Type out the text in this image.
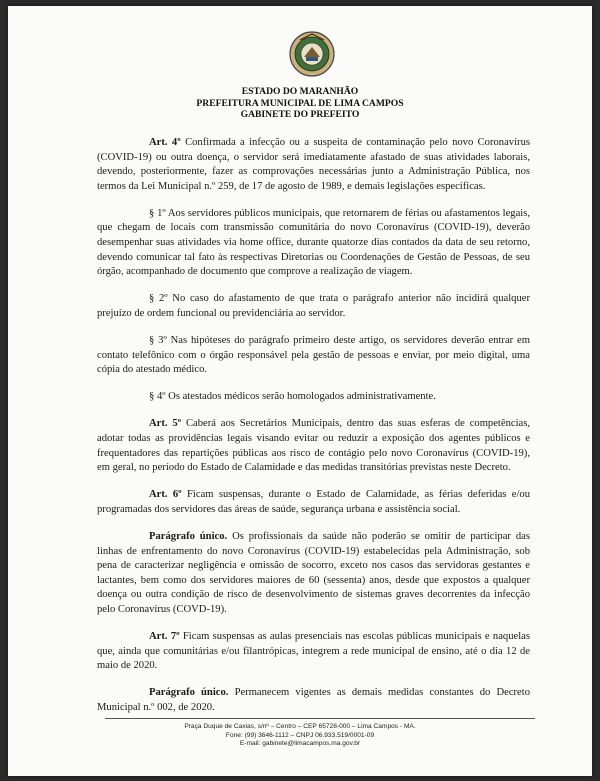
ESTADO DO MARANHÃO
PREFEITURA MUNICIPAL DE LIMA CAMPOS
GABINETE DO PREFEITO

Art. 4º Confirmada a infecção ou a suspeita de contaminação pelo novo Coronavírus (COVID-19) ou outra doença, o servidor será imediatamente afastado de suas atividades laborais, devendo, posteriormente, fazer as comprovações necessárias junto a Administração Pública, nos termos da Lei Municipal n.º 259, de 17 de agosto de 1989, e demais legislações específicas.

§ 1º Aos servidores públicos municipais, que retornarem de férias ou afastamentos legais, que chegam de locais com transmissão comunitária do novo Coronavírus (COVID-19), deverão desempenhar suas atividades via home office, durante quatorze dias contados da data de seu retorno, devendo comunicar tal fato às respectivas Diretorias ou Coordenações de Gestão de Pessoas, de seu órgão, acompanhado de documento que comprove a realização de viagem.

§ 2º No caso do afastamento de que trata o parágrafo anterior não incidirá qualquer prejuízo de ordem funcional ou previdenciária ao servidor.

§ 3º Nas hipóteses do parágrafo primeiro deste artigo, os servidores deverão entrar em contato telefônico com o órgão responsável pela gestão de pessoas e enviar, por meio digital, uma cópia do atestado médico.

§ 4º Os atestados médicos serão homologados administrativamente.

Art. 5º Caberá aos Secretários Municipais, dentro das suas esferas de competências, adotar todas as providências legais visando evitar ou reduzir a exposição dos agentes públicos e frequentadores das repartições públicas aos risco de contágio pelo novo Coronavírus (COVID-19), em geral, no período do Estado de Calamidade e das medidas transitórias previstas neste Decreto.

Art. 6º Ficam suspensas, durante o Estado de Calamidade, as férias deferidas e/ou programadas dos servidores das áreas de saúde, segurança urbana e assistência social.

Parágrafo único. Os profissionais da saúde não poderão se omitir de participar das linhas de enfrentamento do novo Coronavírus (COVID-19) estabelecidas pela Administração, sob pena de caracterizar negligência e omissão de socorro, exceto nos casos das servidoras gestantes e lactantes, bem como dos servidores maiores de 60 (sessenta) anos, desde que expostos a qualquer doença ou outra condição de risco de desenvolvimento de sistemas graves decorrentes da infecção pelo Coronavírus (COVD-19).

Art. 7º Ficam suspensas as aulas presenciais nas escolas públicas municipais e naquelas que, ainda que comunitárias e/ou filantrópicas, integrem a rede municipal de ensino, até o dia 12 de maio de 2020.

Parágrafo único. Permanecem vigentes as demais medidas constantes do Decreto Municipal n.º 002, de 2020.

Praça Duque de Caxias, s/nº – Centro – CEP 65728-000 – Lima Campos - MA.
Fone: (99) 3646-1112 – CNPJ 06.933.519/0001-09
E-mail: gabinete@limacampos.ma.gov.br
